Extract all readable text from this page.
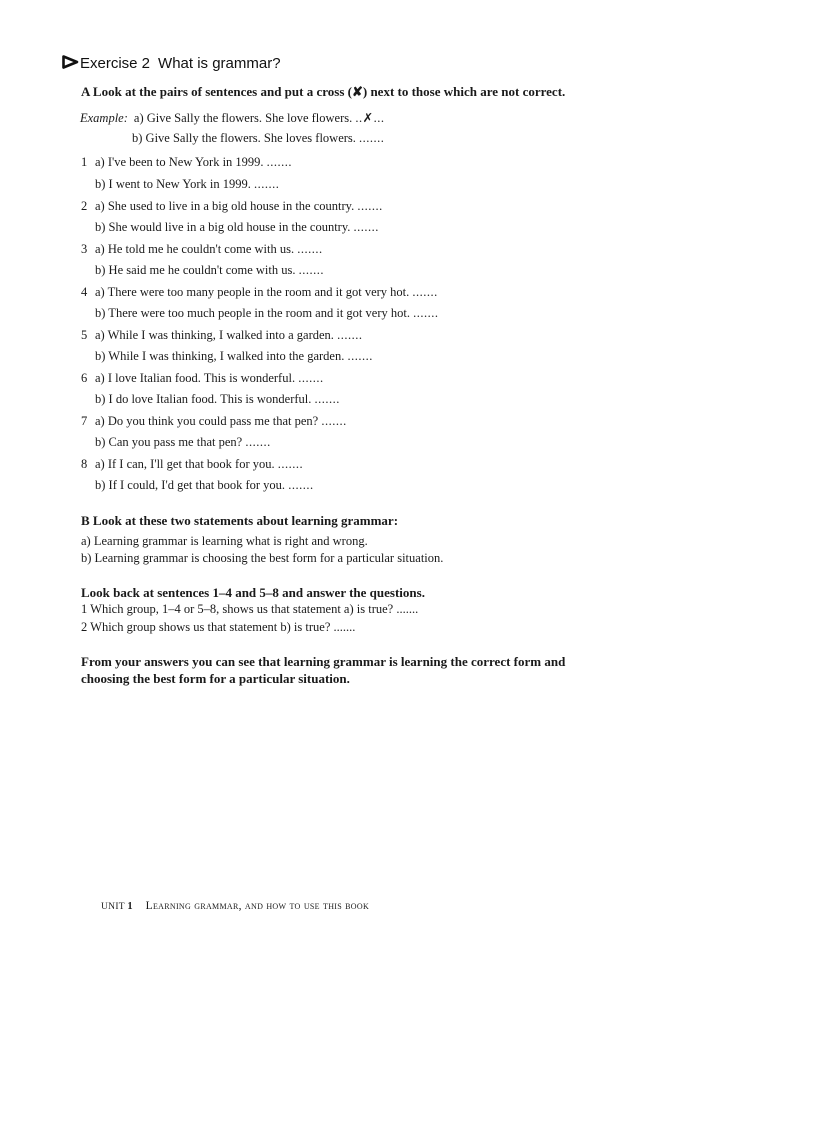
Exercise 2 What is grammar?
A Look at the pairs of sentences and put a cross (✘) next to those which are not correct.
Example: a) Give Sally the flowers. She love flowers. ..✗...
b) Give Sally the flowers. She loves flowers. .......
1 a) I've been to New York in 1999. .......
b) I went to New York in 1999. .......
2 a) She used to live in a big old house in the country. .......
b) She would live in a big old house in the country. .......
3 a) He told me he couldn't come with us. .......
b) He said me he couldn't come with us. .......
4 a) There were too many people in the room and it got very hot. .......
b) There were too much people in the room and it got very hot. .......
5 a) While I was thinking, I walked into a garden. .......
b) While I was thinking, I walked into the garden. .......
6 a) I love Italian food. This is wonderful. .......
b) I do love Italian food. This is wonderful. .......
7 a) Do you think you could pass me that pen? .......
b) Can you pass me that pen? .......
8 a) If I can, I'll get that book for you. .......
b) If I could, I'd get that book for you. .......
B Look at these two statements about learning grammar:
a) Learning grammar is learning what is right and wrong.
b) Learning grammar is choosing the best form for a particular situation.
Look back at sentences 1–4 and 5–8 and answer the questions.
1 Which group, 1–4 or 5–8, shows us that statement a) is true? .......
2 Which group shows us that statement b) is true? .......
From your answers you can see that learning grammar is learning the correct form and
choosing the best form for a particular situation.
UNIT 1 Learning grammar, and how to use this book
